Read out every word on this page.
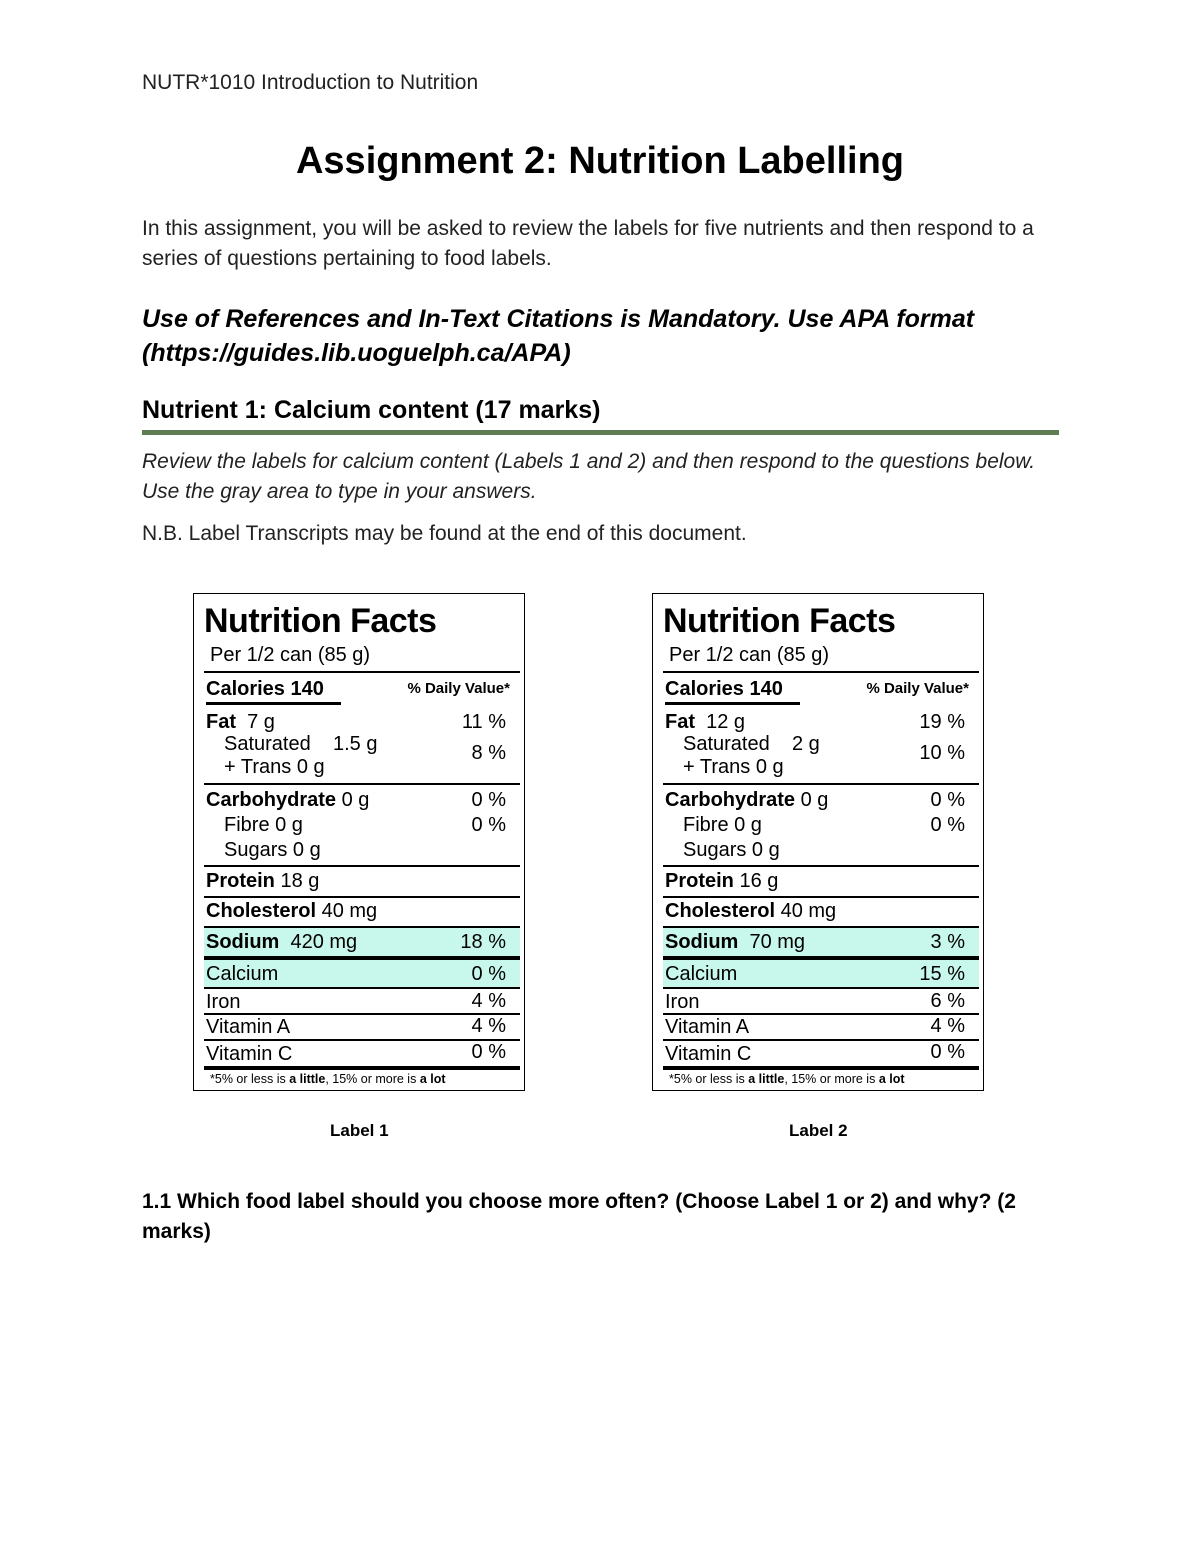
NUTR*1010 Introduction to Nutrition
Assignment 2: Nutrition Labelling
In this assignment, you will be asked to review the labels for five nutrients and then respond to a series of questions pertaining to food labels.
Use of References and In-Text Citations is Mandatory. Use APA format (https://guides.lib.uoguelph.ca/APA)
Nutrient 1: Calcium content (17 marks)
Review the labels for calcium content (Labels 1 and 2) and then respond to the questions below. Use the gray area to type in your answers.
N.B. Label Transcripts may be found at the end of this document.
Nutrition Facts
Per 1/2 can (85 g)
Calories 140	% Daily Value*
Fat 7 g	11 %
Saturated 1.5 g	8 %
+ Trans 0 g
Carbohydrate 0 g	0 %
Fibre 0 g	0 %
Sugars 0 g
Protein 18 g
Cholesterol 40 mg
Sodium 420 mg	18 %
Calcium	0 %
Iron	4 %
Vitamin A	4 %
Vitamin C	0 %
*5% or less is a little, 15% or more is a lot
Nutrition Facts
Per 1/2 can (85 g)
Calories 140	% Daily Value*
Fat 12 g	19 %
Saturated 2 g	10 %
+ Trans 0 g
Carbohydrate 0 g	0 %
Fibre 0 g	0 %
Sugars 0 g
Protein 16 g
Cholesterol 40 mg
Sodium 70 mg	3 %
Calcium	15 %
Iron	6 %
Vitamin A	4 %
Vitamin C	0 %
*5% or less is a little, 15% or more is a lot
Label 1	Label 2
1.1 Which food label should you choose more often? (Choose Label 1 or 2) and why? (2 marks)
